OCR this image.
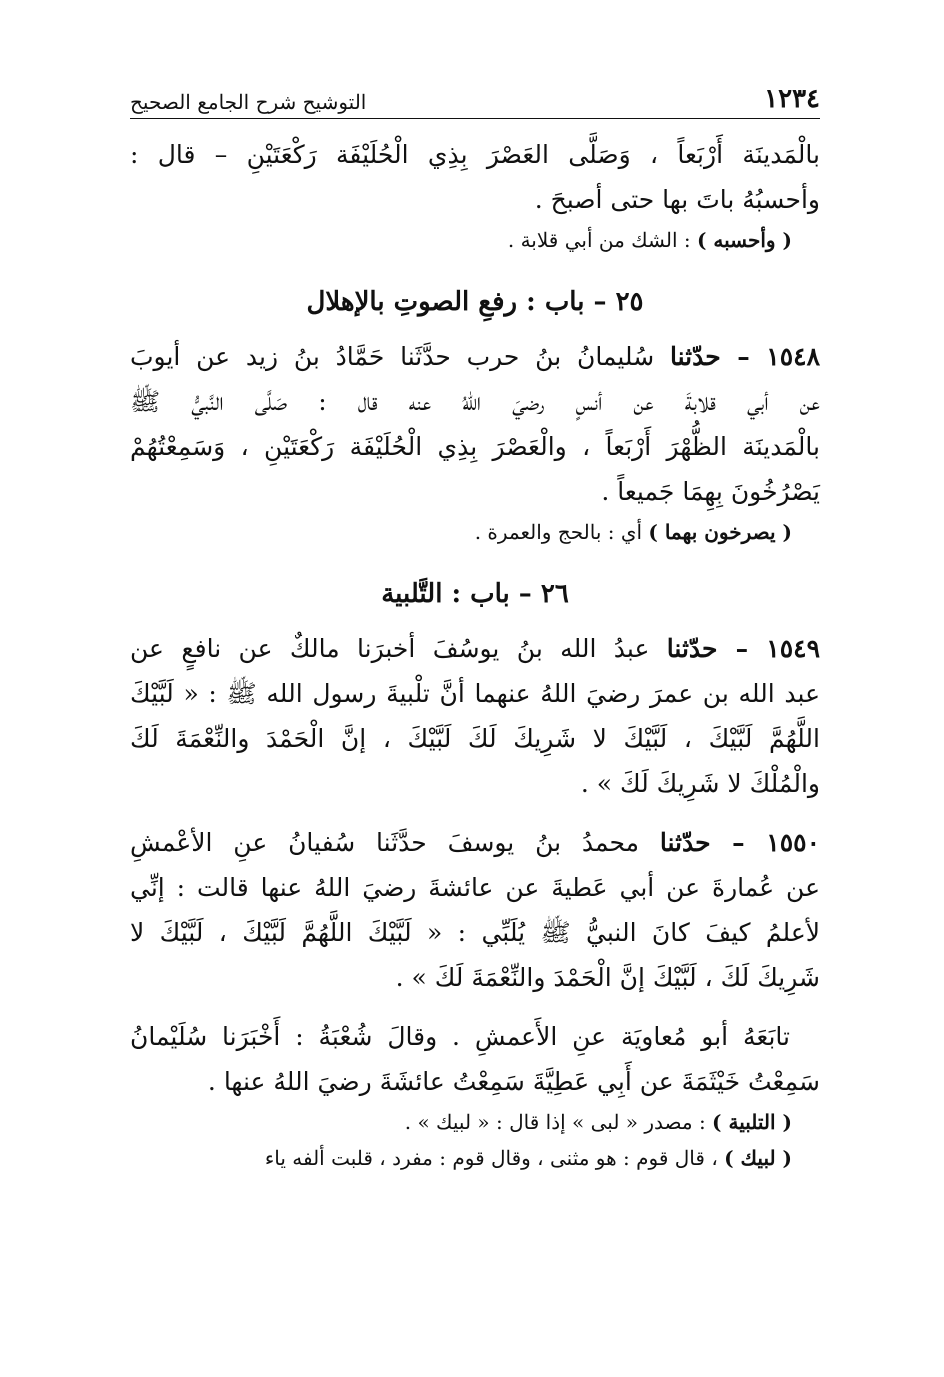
١٢٣٤
التوشيح شرح الجامع الصحيح
بالْمَدينَة أَرْبَعاً ، وَصَلَّى العَصْرَ بِذِي الْحُلَيْفَة رَكْعَتَيْنِ – قال :
وأحسبُهُ باتَ بها حتى أصبحَ .
( وأحسبه ) : الشك من أبي قلابة .
٢٥ – باب : رفعِ الصوتِ بالإهلال
١٥٤٨ – حدّثنا سُليمانُ بنُ حرب حدَّثَنا حَمَّادُ بنُ زيد عن أيوبَ
عن أبي قلابةَ عن أنسٍ رضيَ اللهُ عنه قال : صَلَّى النَّبيُّ ﷺ
بالْمَدينَة الظُّهْرَ أَرْبَعاً ، والْعَصْرَ بِذِي الْحُلَيْفَة رَكْعَتَيْنِ ، وَسَمِعْتُهُمْ
يَصْرُخُونَ بِهِمَا جَميعاً .
( يصرخون بهما ) أي : بالحج والعمرة .
٢٦ – باب : التَّلبية
١٥٤٩ – حدّثنا عبدُ الله بنُ يوسُفَ أخبرَنا مالكٌ عن نافعٍ عن
عبد الله بن عمرَ رضيَ اللهُ عنهما أنَّ تلْبيةَ رسول الله ﷺ : « لَبَّيْكَ
اللَّهُمَّ لَبَّيْكَ ، لَبَّيْكَ لا شَرِيكَ لَكَ لَبَّيْكَ ، إنَّ الْحَمْدَ والنِّعْمَةَ لَكَ
والْمُلْكَ لا شَرِيكَ لَكَ » .
١٥٥٠ – حدّثنا محمدُ بنُ يوسفَ حدَّثَنا سُفيانُ عنِ الأعْمشِ
عن عُمارةَ عن أبي عَطيةَ عن عائشةَ رضيَ اللهُ عنها قالت : إنِّي
لأعلمُ كيفَ كانَ النبيُّ ﷺ يُلَبِّي : « لَبَّيْكَ اللَّهُمَّ لَبَّيْكَ ، لَبَّيْكَ لا
شَرِيكَ لَكَ ، لَبَّيْكَ إنَّ الْحَمْدَ والنِّعْمَةَ لَكَ » .
تابَعَهُ أبو مُعاويَة عنِ الأَعمشِ . وقالَ شُعْبَةُ : أَخْبَرَنا سُلَيْمانُ
سَمِعْتُ خَيْثَمَةَ عن أَبِي عَطِيَّةَ سَمِعْتُ عائشَةَ رضيَ اللهُ عنها .
( التلبية ) : مصدر « لبى » إذا قال : « لبيك » .
( لبيك ) ، قال قوم : هو مثنى ، وقال قوم : مفرد ، قلبت ألفه ياء
